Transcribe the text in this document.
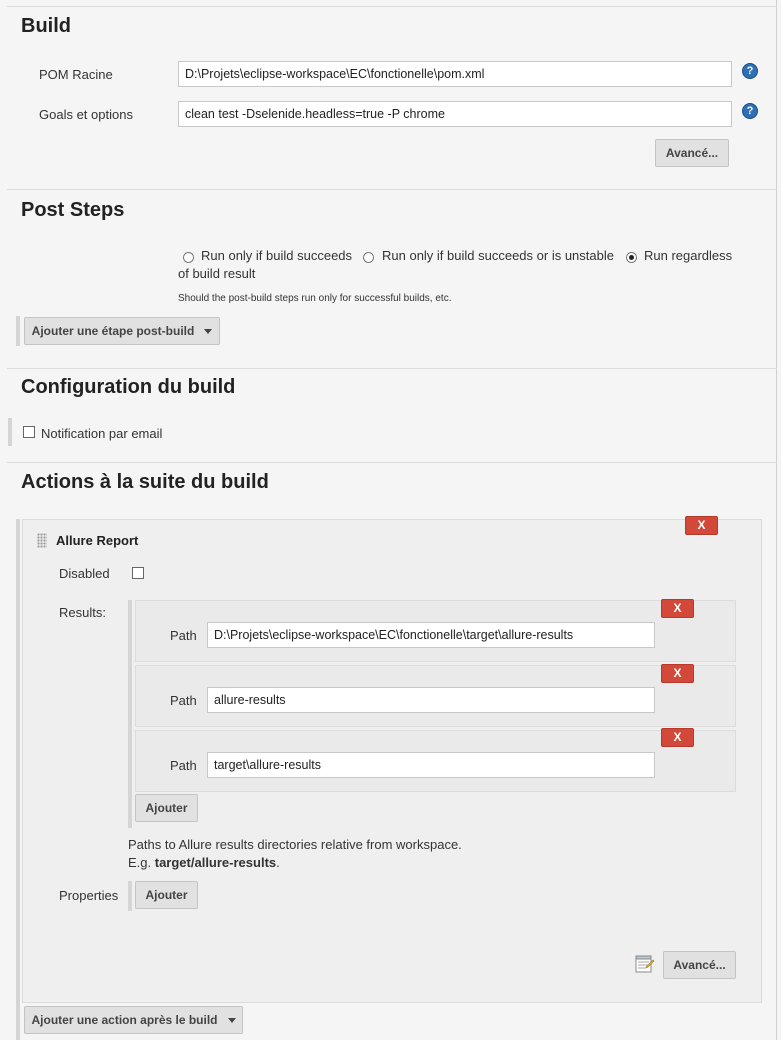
Build
POM Racine	D:\Projets\eclipse-workspace\EC\fonctionelle\pom.xml	?
Goals et options	clean test -Dselenide.headless=true -P chrome	?
Avancé...
Post Steps
Run only if build succeeds Run only if build succeeds or is unstable Run regardless
of build result
Should the post-build steps run only for successful builds, etc.
Ajouter une étape post-build
Configuration du build
Notification par email
Actions à la suite du build
Allure Report
X
Disabled
Results:	X
Path	D:\Projets\eclipse-workspace\EC\fonctionelle\target\allure-results
X
Path	allure-results
X
Path	target\allure-results
Ajouter
Paths to Allure results directories relative from workspace.
E.g. target/allure-results.
Properties	Ajouter
Avancé...
Ajouter une action après le build
